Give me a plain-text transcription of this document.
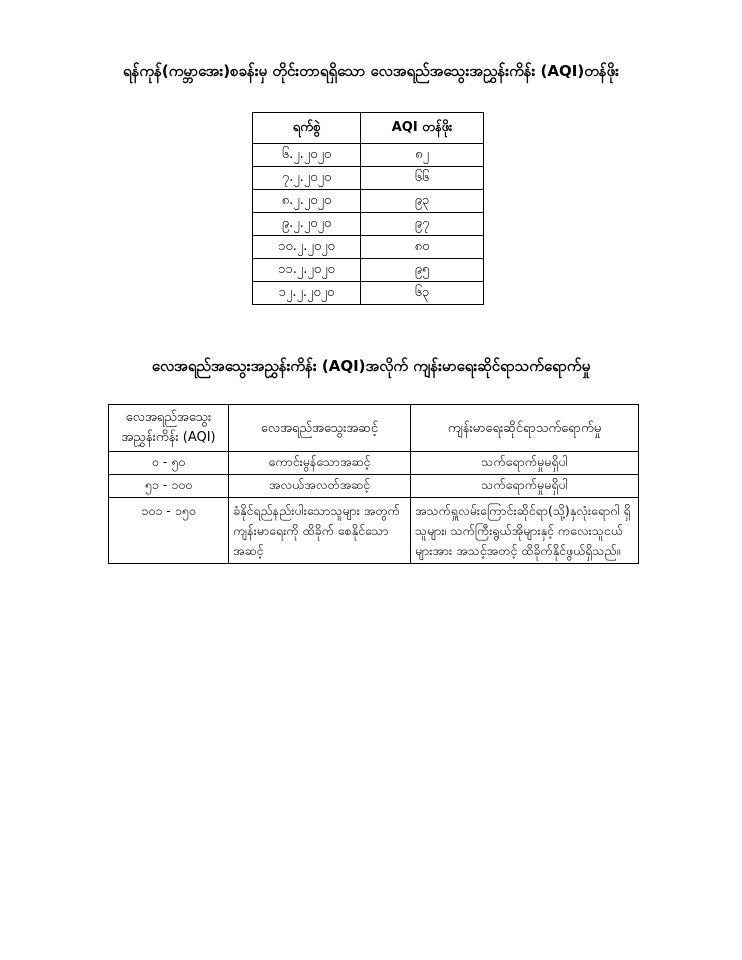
ရန်ကုန်(ကမ္ဘာအေး)စခန်းမှ တိုင်းတာရရှိသော လေအရည်အသွေးအညွှန်းကိန်း (AQI)တန်ဖိုး
ရက်စွဲ	AQI တန်ဖိုး
၆.၂.၂၀၂၀	၈၂
၇.၂.၂၀၂၀	၆၆
၈.၂.၂၀၂၀	၉၃
၉.၂.၂၀၂၀	၉၇
၁၀.၂.၂၀၂၀	၈၀
၁၁.၂.၂၀၂၀	၉၅
၁၂.၂.၂၀၂၀	၆၃
လေအရည်အသွေးအညွှန်းကိန်း (AQI)အလိုက် ကျန်းမာရေးဆိုင်ရာသက်ရောက်မှု
လေအရည်အသွေး အညွှန်းကိန်း (AQI)	လေအရည်အသွေးအဆင့်	ကျန်းမာရေးဆိုင်ရာသက်ရောက်မှု
၀ - ၅၀	ကောင်းမွန်သောအဆင့်	သက်ရောက်မှုမရှိပါ
၅၁ - ၁၀၀	အလယ်အလတ်အဆင့်	သက်ရောက်မှုမရှိပါ
၁၀၁ - ၁၅၀	ခံနိုင်ရည်နည်းပါးသောသူများ အတွက် ကျန်းမာရေးကို ထိခိုက် စေနိုင်သောအဆင့်	အသက်ရှူလမ်းကြောင်းဆိုင်ရာ(သို့)နှလုံးရောဂါ ရှိသူများ၊ သက်ကြီးရွယ်အိုများနှင့် ကလေးသူငယ် များအား အသင့်အတင့် ထိခိုက်နိုင်ဖွယ်ရှိသည်။
